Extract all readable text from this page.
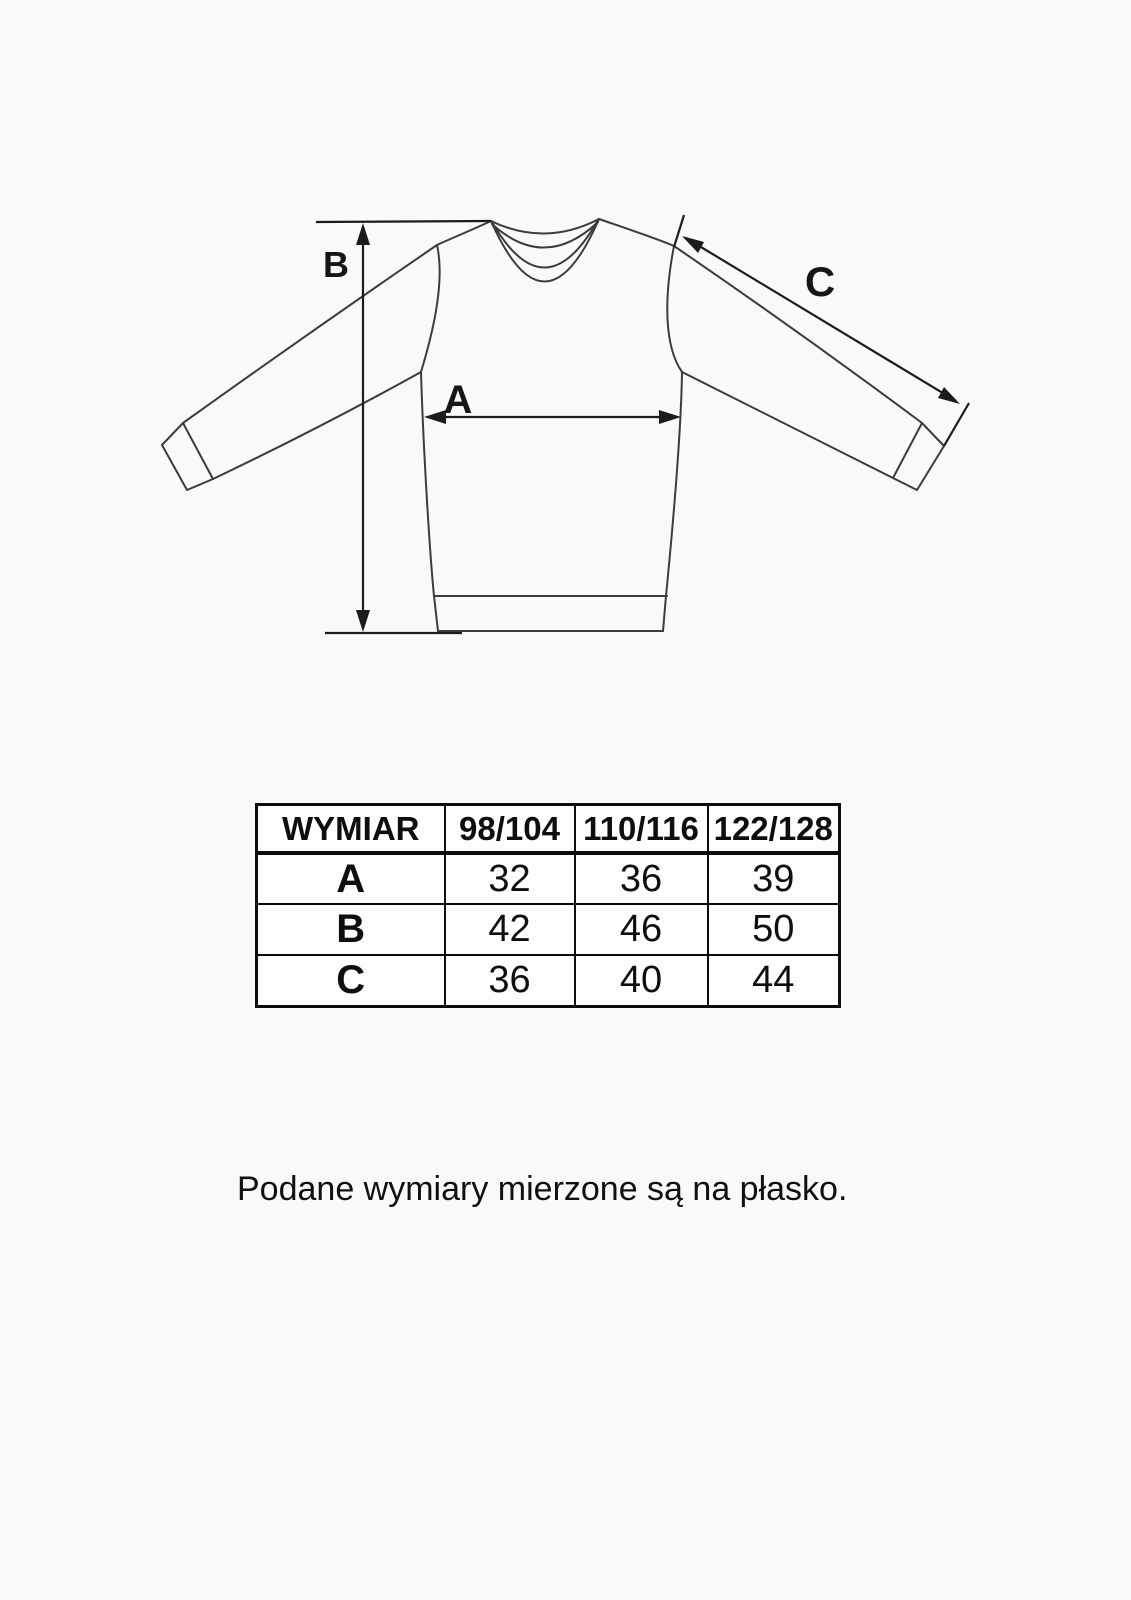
B
A
C
WYMIAR	98/104	110/116	122/128
A	32	36	39
B	42	46	50
C	36	40	44
Podane wymiary mierzone są na płasko.
